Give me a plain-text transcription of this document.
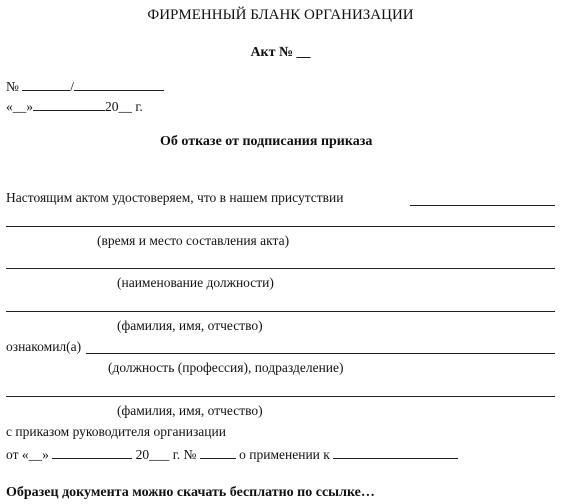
ФИРМЕННЫЙ БЛАНК ОРГАНИЗАЦИИ
Акт № __
№	/
«__»	20__ г.
Об отказе от подписания приказа
Настоящим актом удостоверяем, что в нашем присутствии
(время и место составления акта)
(наименование должности)
(фамилия, имя, отчество)
ознакомил(а)
(должность (профессия), подразделение)
(фамилия, имя, отчество)
с приказом руководителя организации
от «__»	20___ г. №	о применении к
Образец документа можно скачать бесплатно по ссылке…
